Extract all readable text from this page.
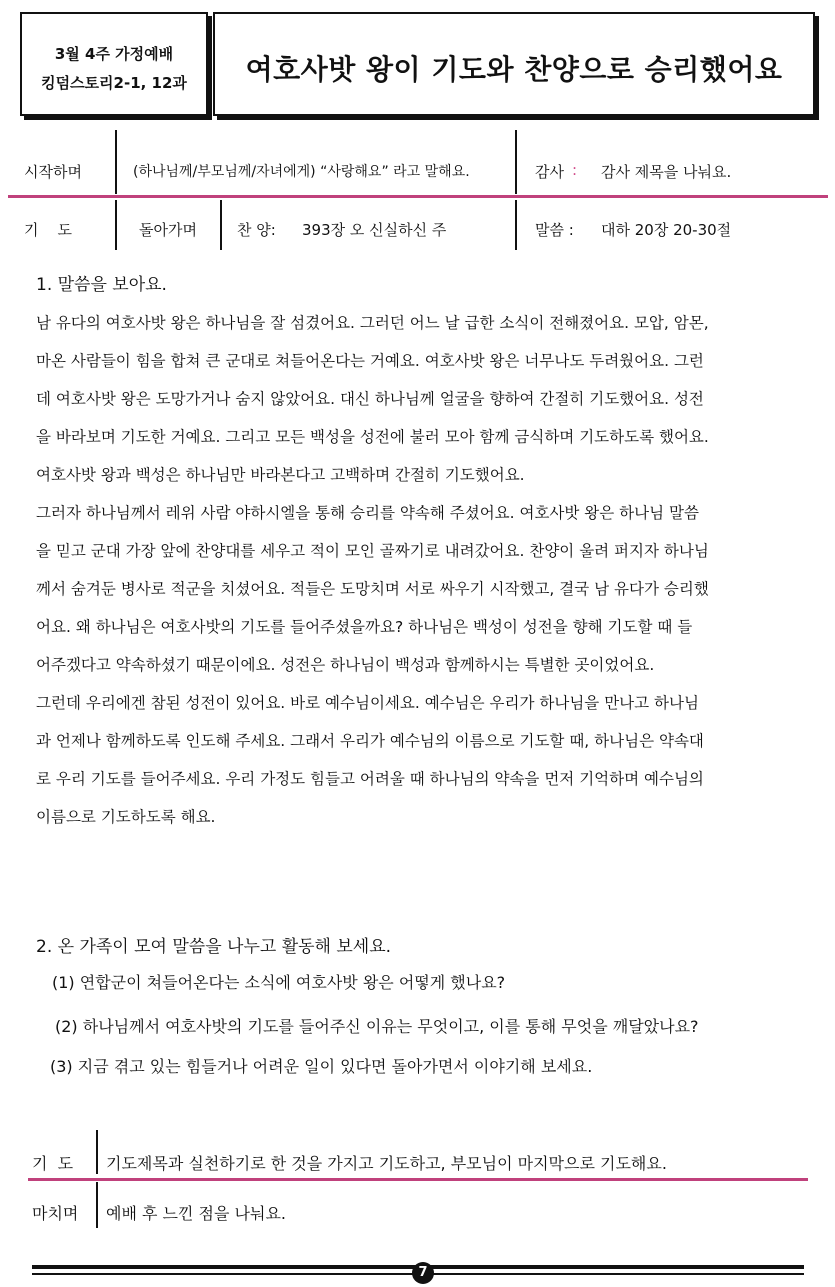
3월 4주 가정예배
킹덤스토리2-1, 12과	여호사밧 왕이 기도와 찬양으로 승리했어요
시작하며	(하나님께/부모님께/자녀에게) “사랑해요” 라고 말해요.	감사 : 감사 제목을 나눠요.
기    도	돌아가며	찬 양: 393장 오 신실하신 주	말씀 : 대하 20장 20-30절
1. 말씀을 보아요.
남 유다의 여호사밧 왕은 하나님을 잘 섬겼어요. 그러던 어느 날 급한 소식이 전해졌어요. 모압, 암몬,
마온 사람들이 힘을 합쳐 큰 군대로 쳐들어온다는 거예요. 여호사밧 왕은 너무나도 두려웠어요. 그런
데 여호사밧 왕은 도망가거나 숨지 않았어요. 대신 하나님께 얼굴을 향하여 간절히 기도했어요. 성전
을 바라보며 기도한 거예요. 그리고 모든 백성을 성전에 불러 모아 함께 금식하며 기도하도록 했어요.
여호사밧 왕과 백성은 하나님만 바라본다고 고백하며 간절히 기도했어요.
그러자 하나님께서 레위 사람 야하시엘을 통해 승리를 약속해 주셨어요. 여호사밧 왕은 하나님 말씀
을 믿고 군대 가장 앞에 찬양대를 세우고 적이 모인 골짜기로 내려갔어요. 찬양이 울려 퍼지자 하나님
께서 숨겨둔 병사로 적군을 치셨어요. 적들은 도망치며 서로 싸우기 시작했고, 결국 남 유다가 승리했
어요. 왜 하나님은 여호사밧의 기도를 들어주셨을까요? 하나님은 백성이 성전을 향해 기도할 때 들
어주겠다고 약속하셨기 때문이에요. 성전은 하나님이 백성과 함께하시는 특별한 곳이었어요.
그런데 우리에겐 참된 성전이 있어요. 바로 예수님이세요. 예수님은 우리가 하나님을 만나고 하나님
과 언제나 함께하도록 인도해 주세요. 그래서 우리가 예수님의 이름으로 기도할 때, 하나님은 약속대
로 우리 기도를 들어주세요. 우리 가정도 힘들고 어려울 때 하나님의 약속을 먼저 기억하며 예수님의
이름으로 기도하도록 해요.
2. 온 가족이 모여 말씀을 나누고 활동해 보세요.
(1) 연합군이 쳐들어온다는 소식에 여호사밧 왕은 어떻게 했나요?
(2) 하나님께서 여호사밧의 기도를 들어주신 이유는 무엇이고, 이를 통해 무엇을 깨달았나요?
(3) 지금 겪고 있는 힘들거나 어려운 일이 있다면 돌아가면서 이야기해 보세요.
기  도 기도제목과 실천하기로 한 것을 가지고 기도하고, 부모님이 마지막으로 기도해요.
마치며 예배 후 느낀 점을 나눠요.
7
